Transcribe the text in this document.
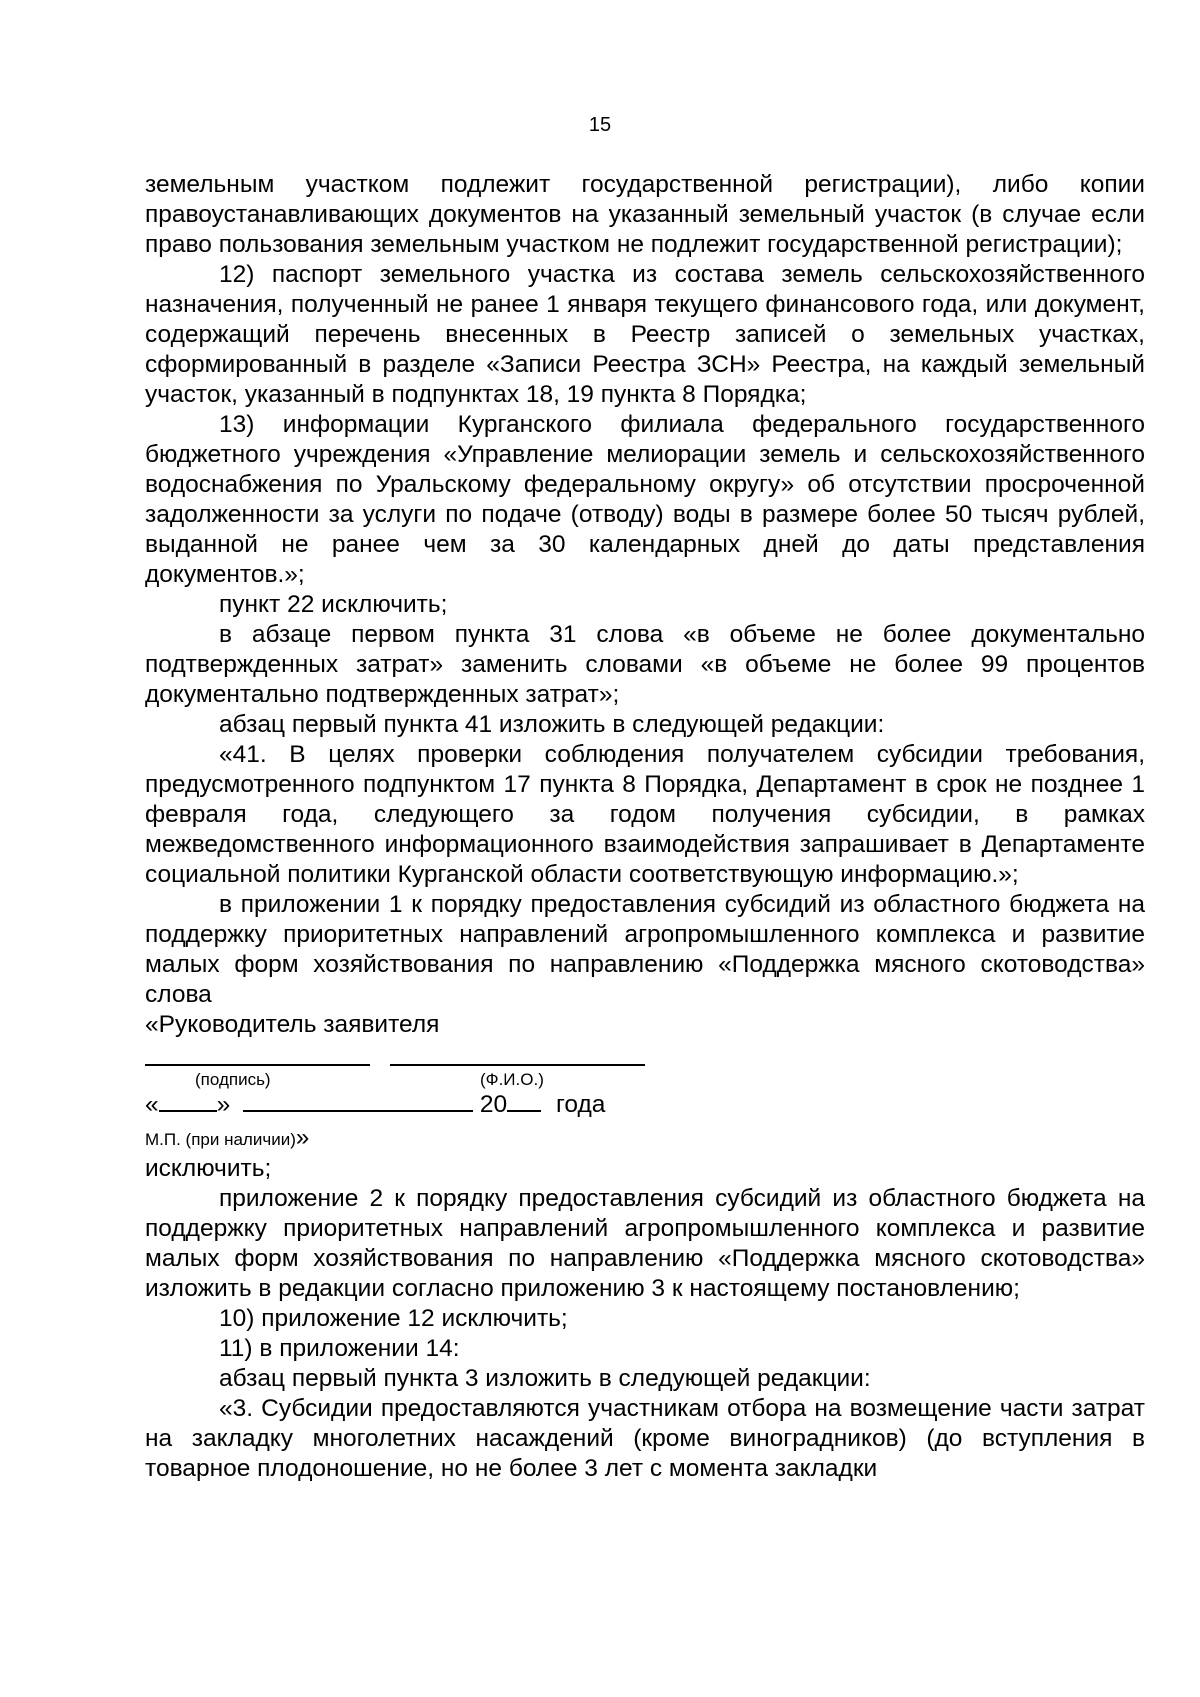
15

земельным участком подлежит государственной регистрации), либо копии правоустанавливающих документов на указанный земельный участок (в случае если право пользования земельным участком не подлежит государственной регистрации);

12) паспорт земельного участка из состава земель сельскохозяйственного назначения, полученный не ранее 1 января текущего финансового года, или документ, содержащий перечень внесенных в Реестр записей о земельных участках, сформированный в разделе «Записи Реестра ЗСН» Реестра, на каждый земельный участок, указанный в подпунктах 18, 19 пункта 8 Порядка;

13) информации Курганского филиала федерального государственного бюджетного учреждения «Управление мелиорации земель и сельскохозяйственного водоснабжения по Уральскому федеральному округу» об отсутствии просроченной задолженности за услуги по подаче (отводу) воды в размере более 50 тысяч рублей, выданной не ранее чем за 30 календарных дней до даты представления документов.»;

пункт 22 исключить;

в абзаце первом пункта 31 слова «в объеме не более документально подтвержденных затрат» заменить словами «в объеме не более 99 процентов документально подтвержденных затрат»;

абзац первый пункта 41 изложить в следующей редакции:

«41. В целях проверки соблюдения получателем субсидии требования, предусмотренного подпунктом 17 пункта 8 Порядка, Департамент в срок не позднее 1 февраля года, следующего за годом получения субсидии, в рамках межведомственного информационного взаимодействия запрашивает в Департаменте социальной политики Курганской области соответствующую информацию.»;

в приложении 1 к порядку предоставления субсидий из областного бюджета на поддержку приоритетных направлений агропромышленного комплекса и развитие малых форм хозяйствования по направлению «Поддержка мясного скотоводства» слова

«Руководитель заявителя

(подпись)	(Ф.И.О.)
« »	20 года
М.П. (при наличии)»

исключить;

приложение 2 к порядку предоставления субсидий из областного бюджета на поддержку приоритетных направлений агропромышленного комплекса и развитие малых форм хозяйствования по направлению «Поддержка мясного скотоводства» изложить в редакции согласно приложению 3 к настоящему постановлению;

10) приложение 12 исключить;

11) в приложении 14:

абзац первый пункта 3 изложить в следующей редакции:

«3. Субсидии предоставляются участникам отбора на возмещение части затрат на закладку многолетних насаждений (кроме виноградников) (до вступления в товарное плодоношение, но не более 3 лет с момента закладки
